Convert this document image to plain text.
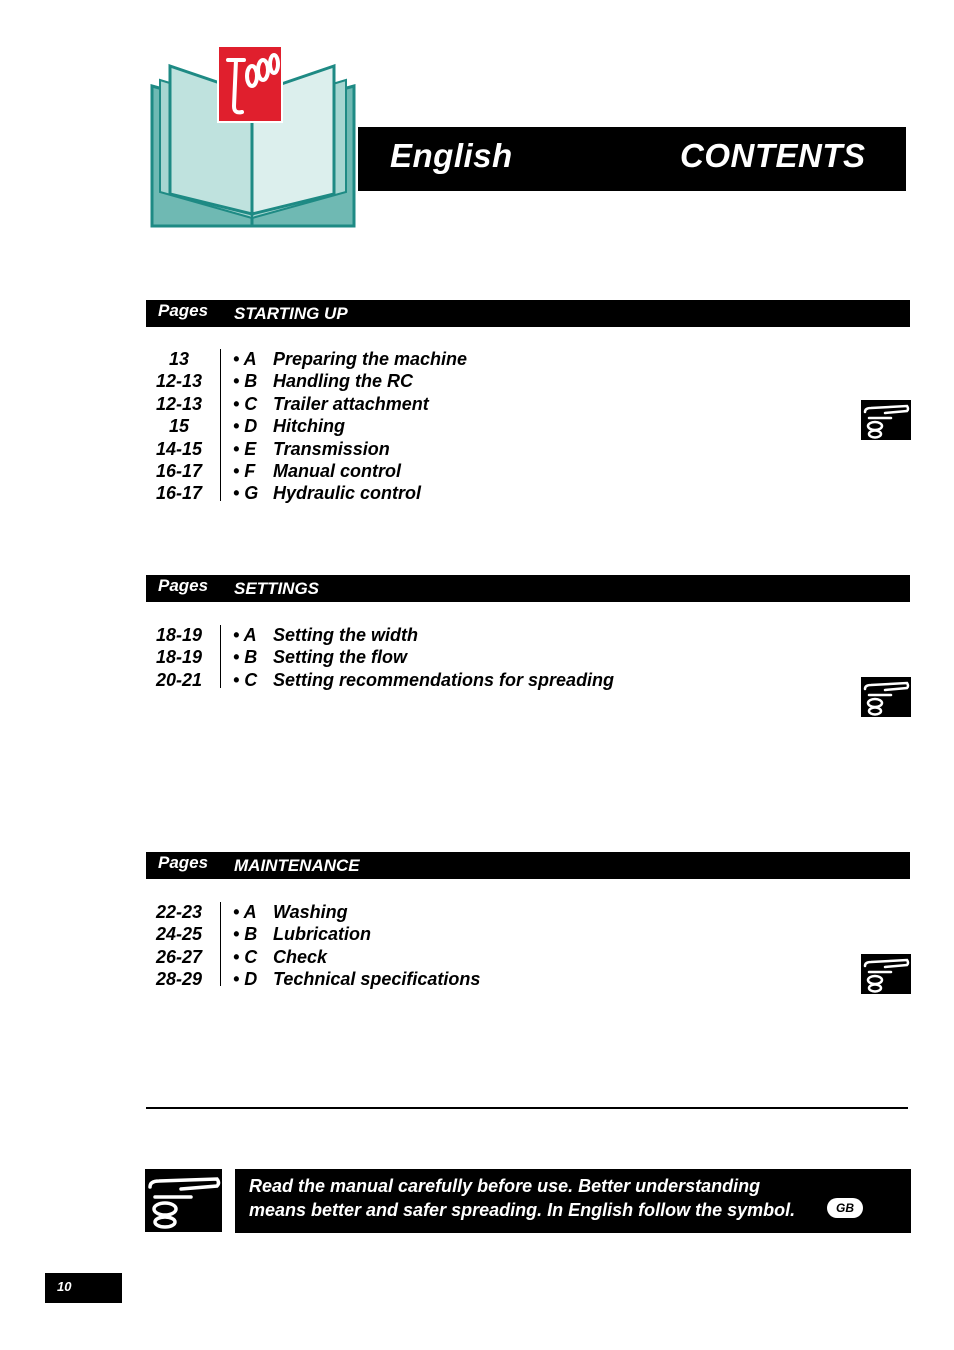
English	CONTENTS
Pages STARTING UP
13	• A Preparing the machine
12-13	• B Handling the RC
12-13	• C Trailer attachment
15	• D Hitching
14-15	• E Transmission
16-17	• F Manual control
16-17	• G Hydraulic control
Pages SETTINGS
18-19	• A Setting the width
18-19	• B Setting the flow
20-21	• C Setting recommendations for spreading
Pages MAINTENANCE
22-23	• A Washing
24-25	• B Lubrication
26-27	• C Check
28-29	• D Technical specifications
Read the manual carefully before use. Better understanding
means better and safer spreading. In English follow the symbol.	GB
10
